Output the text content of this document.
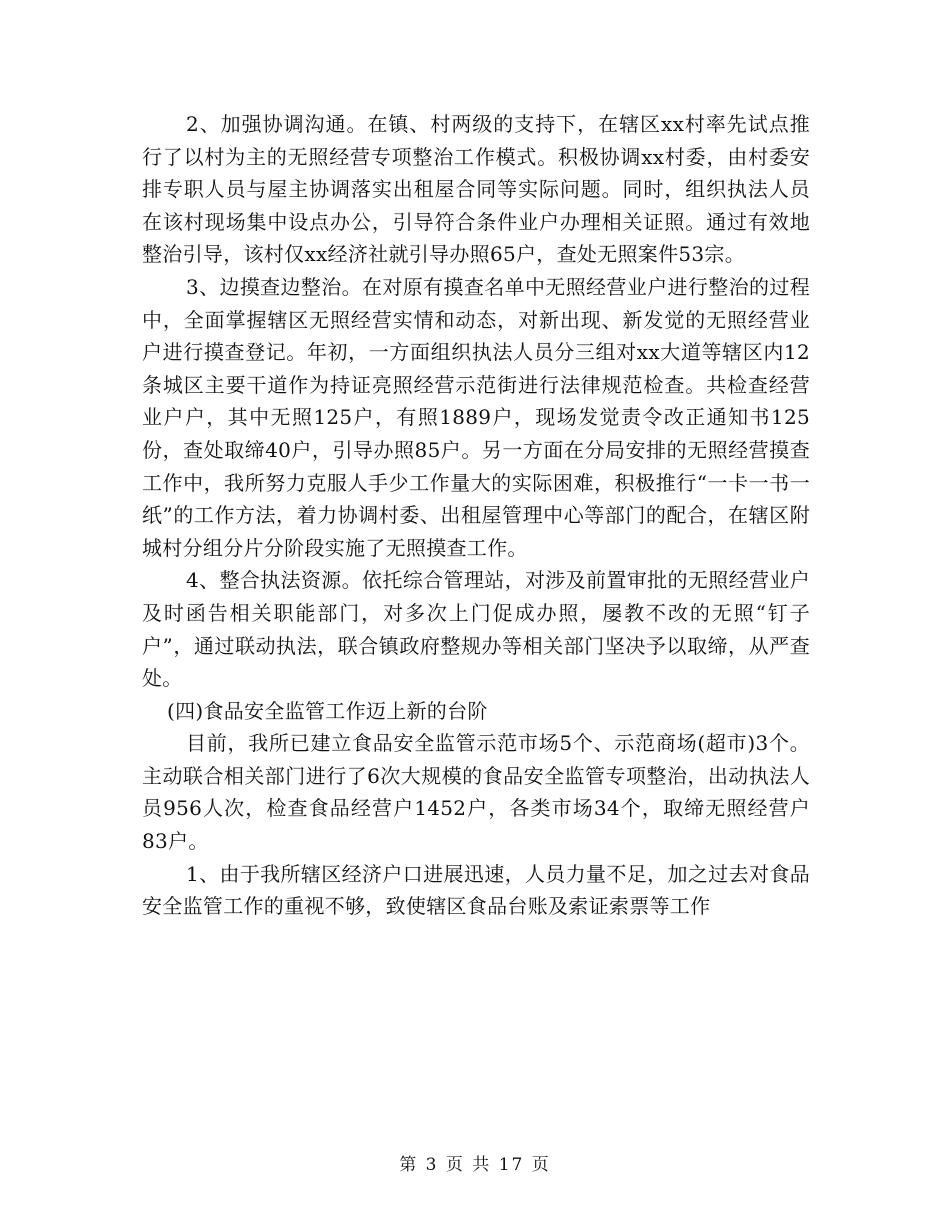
2、加强协调沟通。在镇、村两级的支持下，在辖区xx村率先试点推行了以村为主的无照经营专项整治工作模式。积极协调xx村委，由村委安排专职人员与屋主协调落实出租屋合同等实际问题。同时，组织执法人员在该村现场集中设点办公，引导符合条件业户办理相关证照。通过有效地整治引导，该村仅xx经济社就引导办照65户，查处无照案件53宗。

3、边摸查边整治。在对原有摸查名单中无照经营业户进行整治的过程中，全面掌握辖区无照经营实情和动态，对新出现、新发觉的无照经营业户进行摸查登记。年初，一方面组织执法人员分三组对xx大道等辖区内12条城区主要干道作为持证亮照经营示范街进行法律规范检查。共检查经营业户户，其中无照125户，有照1889户，现场发觉责令改正通知书125份，查处取缔40户，引导办照85户。另一方面在分局安排的无照经营摸查工作中，我所努力克服人手少工作量大的实际困难，积极推行“一卡一书一纸”的工作方法，着力协调村委、出租屋管理中心等部门的配合，在辖区附城村分组分片分阶段实施了无照摸查工作。

4、整合执法资源。依托综合管理站，对涉及前置审批的无照经营业户及时函告相关职能部门，对多次上门促成办照，屡教不改的无照“钉子户”，通过联动执法，联合镇政府整规办等相关部门坚决予以取缔，从严查处。

(四)食品安全监管工作迈上新的台阶

目前，我所已建立食品安全监管示范市场5个、示范商场(超市)3个。主动联合相关部门进行了6次大规模的食品安全监管专项整治，出动执法人员956人次，检查食品经营户1452户，各类市场34个，取缔无照经营户83户。

1、由于我所辖区经济户口进展迅速，人员力量不足，加之过去对食品安全监管工作的重视不够，致使辖区食品台账及索证索票等工作

第 3 页 共 17 页
